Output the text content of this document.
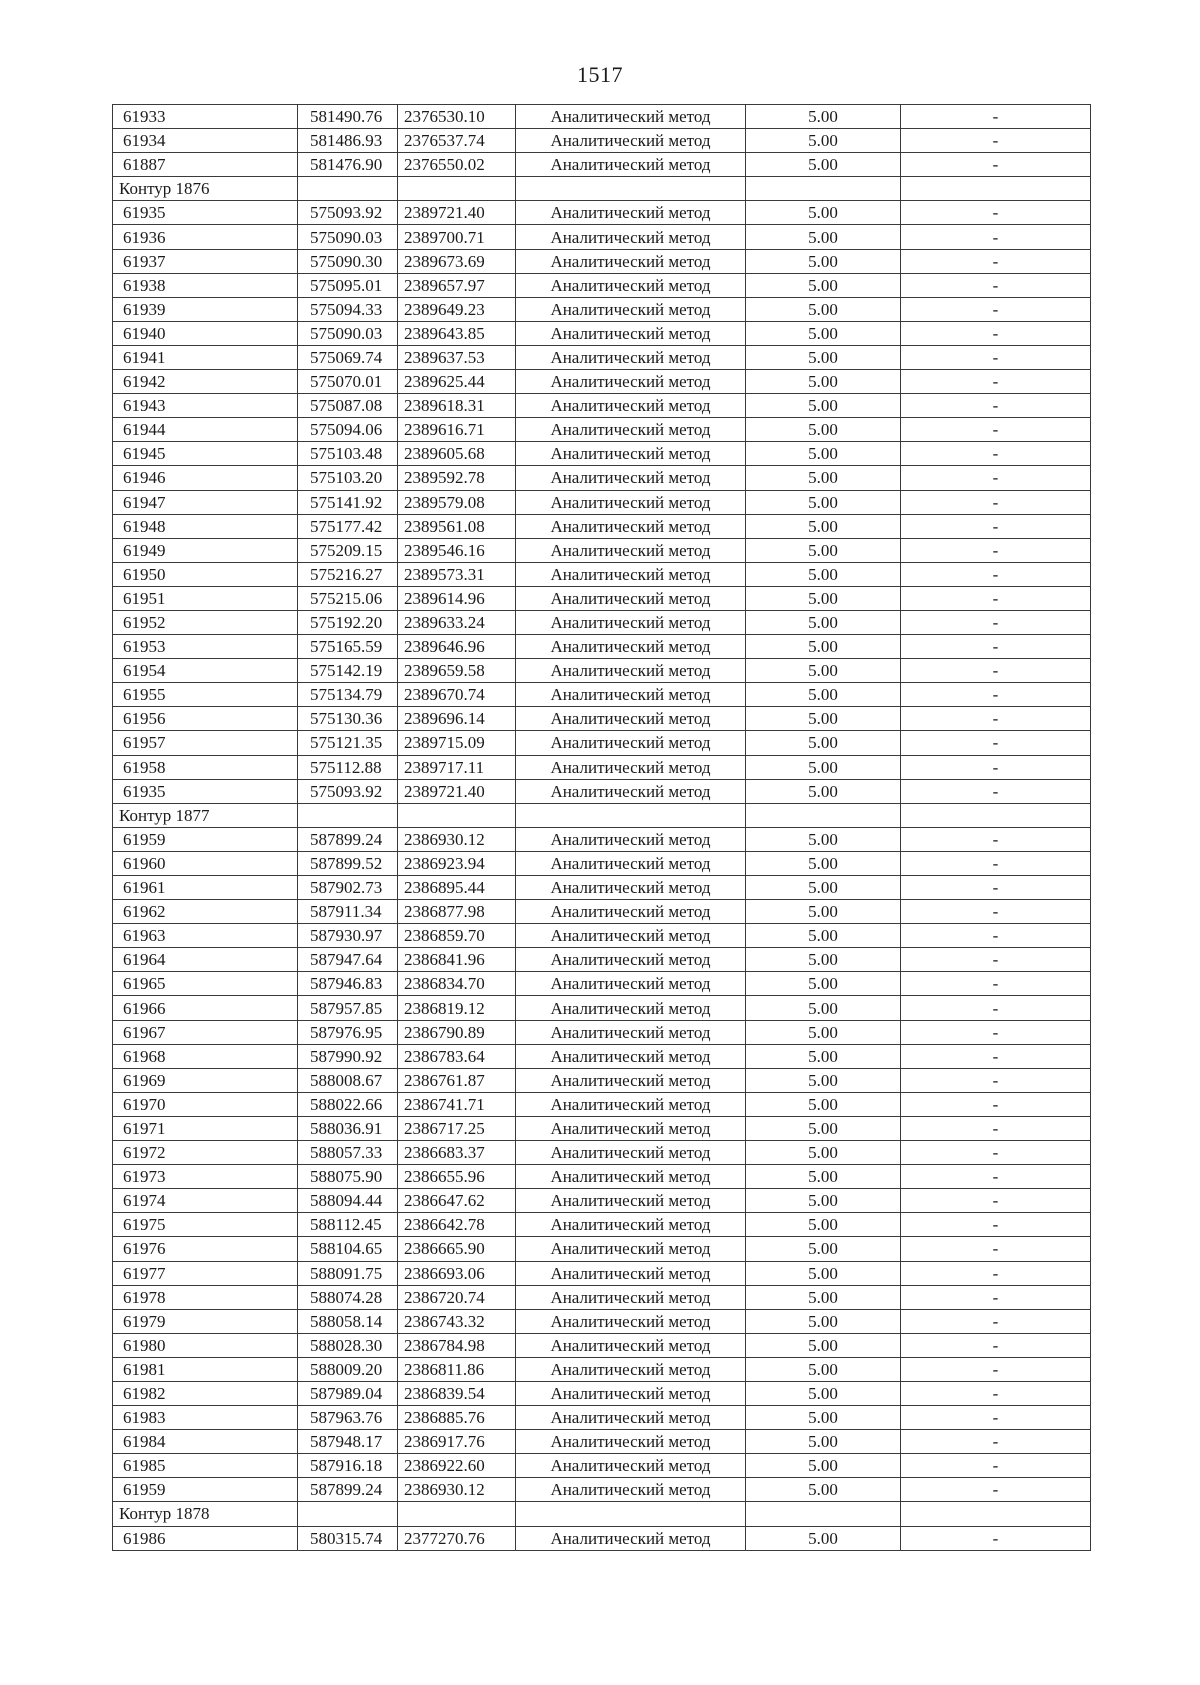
1517
61933	581490.76	2376530.10	Аналитический метод	5.00	-
61934	581486.93	2376537.74	Аналитический метод	5.00	-
61887	581476.90	2376550.02	Аналитический метод	5.00	-
Контур 1876					
61935	575093.92	2389721.40	Аналитический метод	5.00	-
61936	575090.03	2389700.71	Аналитический метод	5.00	-
61937	575090.30	2389673.69	Аналитический метод	5.00	-
61938	575095.01	2389657.97	Аналитический метод	5.00	-
61939	575094.33	2389649.23	Аналитический метод	5.00	-
61940	575090.03	2389643.85	Аналитический метод	5.00	-
61941	575069.74	2389637.53	Аналитический метод	5.00	-
61942	575070.01	2389625.44	Аналитический метод	5.00	-
61943	575087.08	2389618.31	Аналитический метод	5.00	-
61944	575094.06	2389616.71	Аналитический метод	5.00	-
61945	575103.48	2389605.68	Аналитический метод	5.00	-
61946	575103.20	2389592.78	Аналитический метод	5.00	-
61947	575141.92	2389579.08	Аналитический метод	5.00	-
61948	575177.42	2389561.08	Аналитический метод	5.00	-
61949	575209.15	2389546.16	Аналитический метод	5.00	-
61950	575216.27	2389573.31	Аналитический метод	5.00	-
61951	575215.06	2389614.96	Аналитический метод	5.00	-
61952	575192.20	2389633.24	Аналитический метод	5.00	-
61953	575165.59	2389646.96	Аналитический метод	5.00	-
61954	575142.19	2389659.58	Аналитический метод	5.00	-
61955	575134.79	2389670.74	Аналитический метод	5.00	-
61956	575130.36	2389696.14	Аналитический метод	5.00	-
61957	575121.35	2389715.09	Аналитический метод	5.00	-
61958	575112.88	2389717.11	Аналитический метод	5.00	-
61935	575093.92	2389721.40	Аналитический метод	5.00	-
Контур 1877					
61959	587899.24	2386930.12	Аналитический метод	5.00	-
61960	587899.52	2386923.94	Аналитический метод	5.00	-
61961	587902.73	2386895.44	Аналитический метод	5.00	-
61962	587911.34	2386877.98	Аналитический метод	5.00	-
61963	587930.97	2386859.70	Аналитический метод	5.00	-
61964	587947.64	2386841.96	Аналитический метод	5.00	-
61965	587946.83	2386834.70	Аналитический метод	5.00	-
61966	587957.85	2386819.12	Аналитический метод	5.00	-
61967	587976.95	2386790.89	Аналитический метод	5.00	-
61968	587990.92	2386783.64	Аналитический метод	5.00	-
61969	588008.67	2386761.87	Аналитический метод	5.00	-
61970	588022.66	2386741.71	Аналитический метод	5.00	-
61971	588036.91	2386717.25	Аналитический метод	5.00	-
61972	588057.33	2386683.37	Аналитический метод	5.00	-
61973	588075.90	2386655.96	Аналитический метод	5.00	-
61974	588094.44	2386647.62	Аналитический метод	5.00	-
61975	588112.45	2386642.78	Аналитический метод	5.00	-
61976	588104.65	2386665.90	Аналитический метод	5.00	-
61977	588091.75	2386693.06	Аналитический метод	5.00	-
61978	588074.28	2386720.74	Аналитический метод	5.00	-
61979	588058.14	2386743.32	Аналитический метод	5.00	-
61980	588028.30	2386784.98	Аналитический метод	5.00	-
61981	588009.20	2386811.86	Аналитический метод	5.00	-
61982	587989.04	2386839.54	Аналитический метод	5.00	-
61983	587963.76	2386885.76	Аналитический метод	5.00	-
61984	587948.17	2386917.76	Аналитический метод	5.00	-
61985	587916.18	2386922.60	Аналитический метод	5.00	-
61959	587899.24	2386930.12	Аналитический метод	5.00	-
Контур 1878					
61986	580315.74	2377270.76	Аналитический метод	5.00	-
